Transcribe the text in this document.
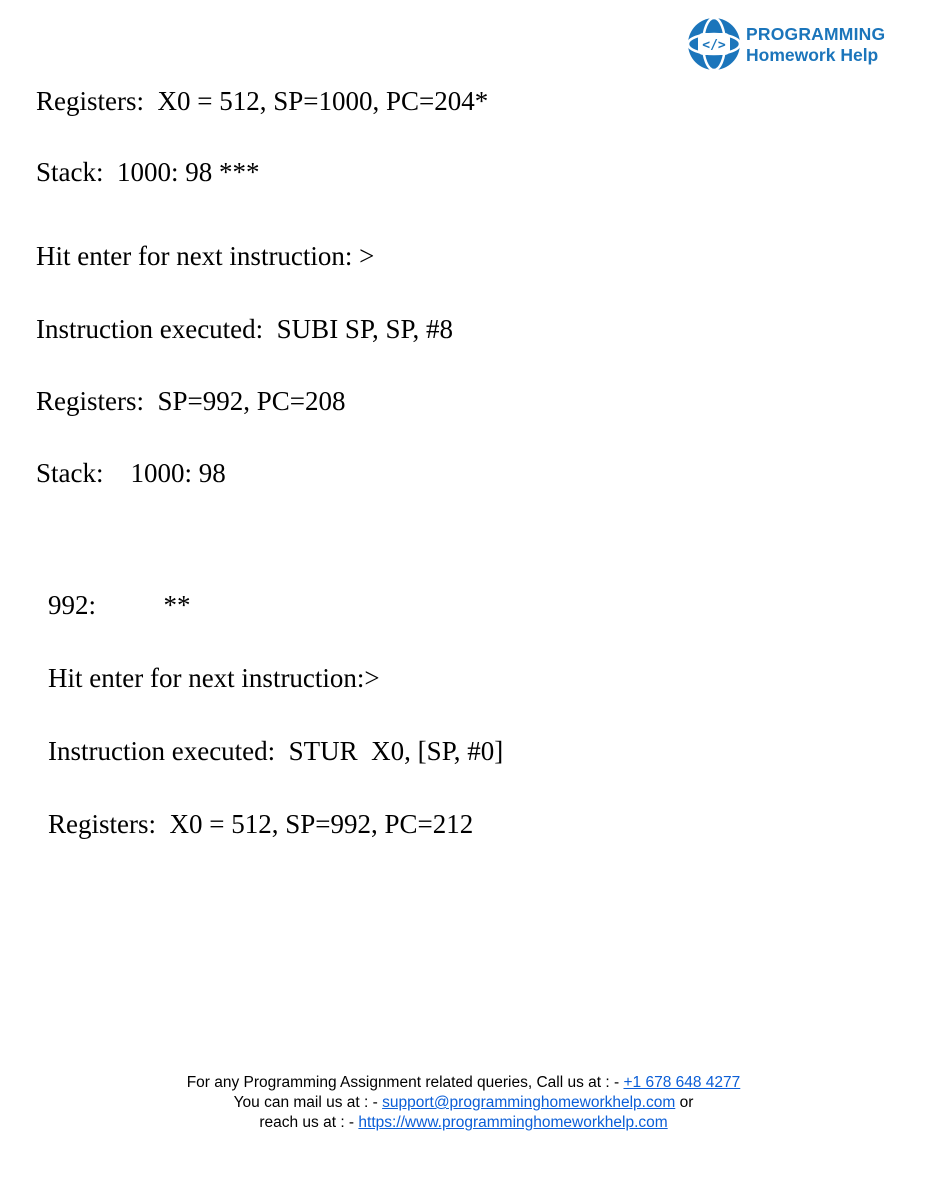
</>
PROGRAMMING
Homework Help
Registers:  X0 = 512, SP=1000, PC=204*
Stack:  1000: 98 ***
Hit enter for next instruction: >
Instruction executed:  SUBI SP, SP, #8
Registers:  SP=992, PC=208
Stack:    1000: 98
992:          **
Hit enter for next instruction:>
Instruction executed:  STUR  X0, [SP, #0]
Registers:  X0 = 512, SP=992, PC=212
For any Programming Assignment related queries, Call us at : - +1 678 648 4277
You can mail us at : - support@programminghomeworkhelp.com or
reach us at : - https://www.programminghomeworkhelp.com
